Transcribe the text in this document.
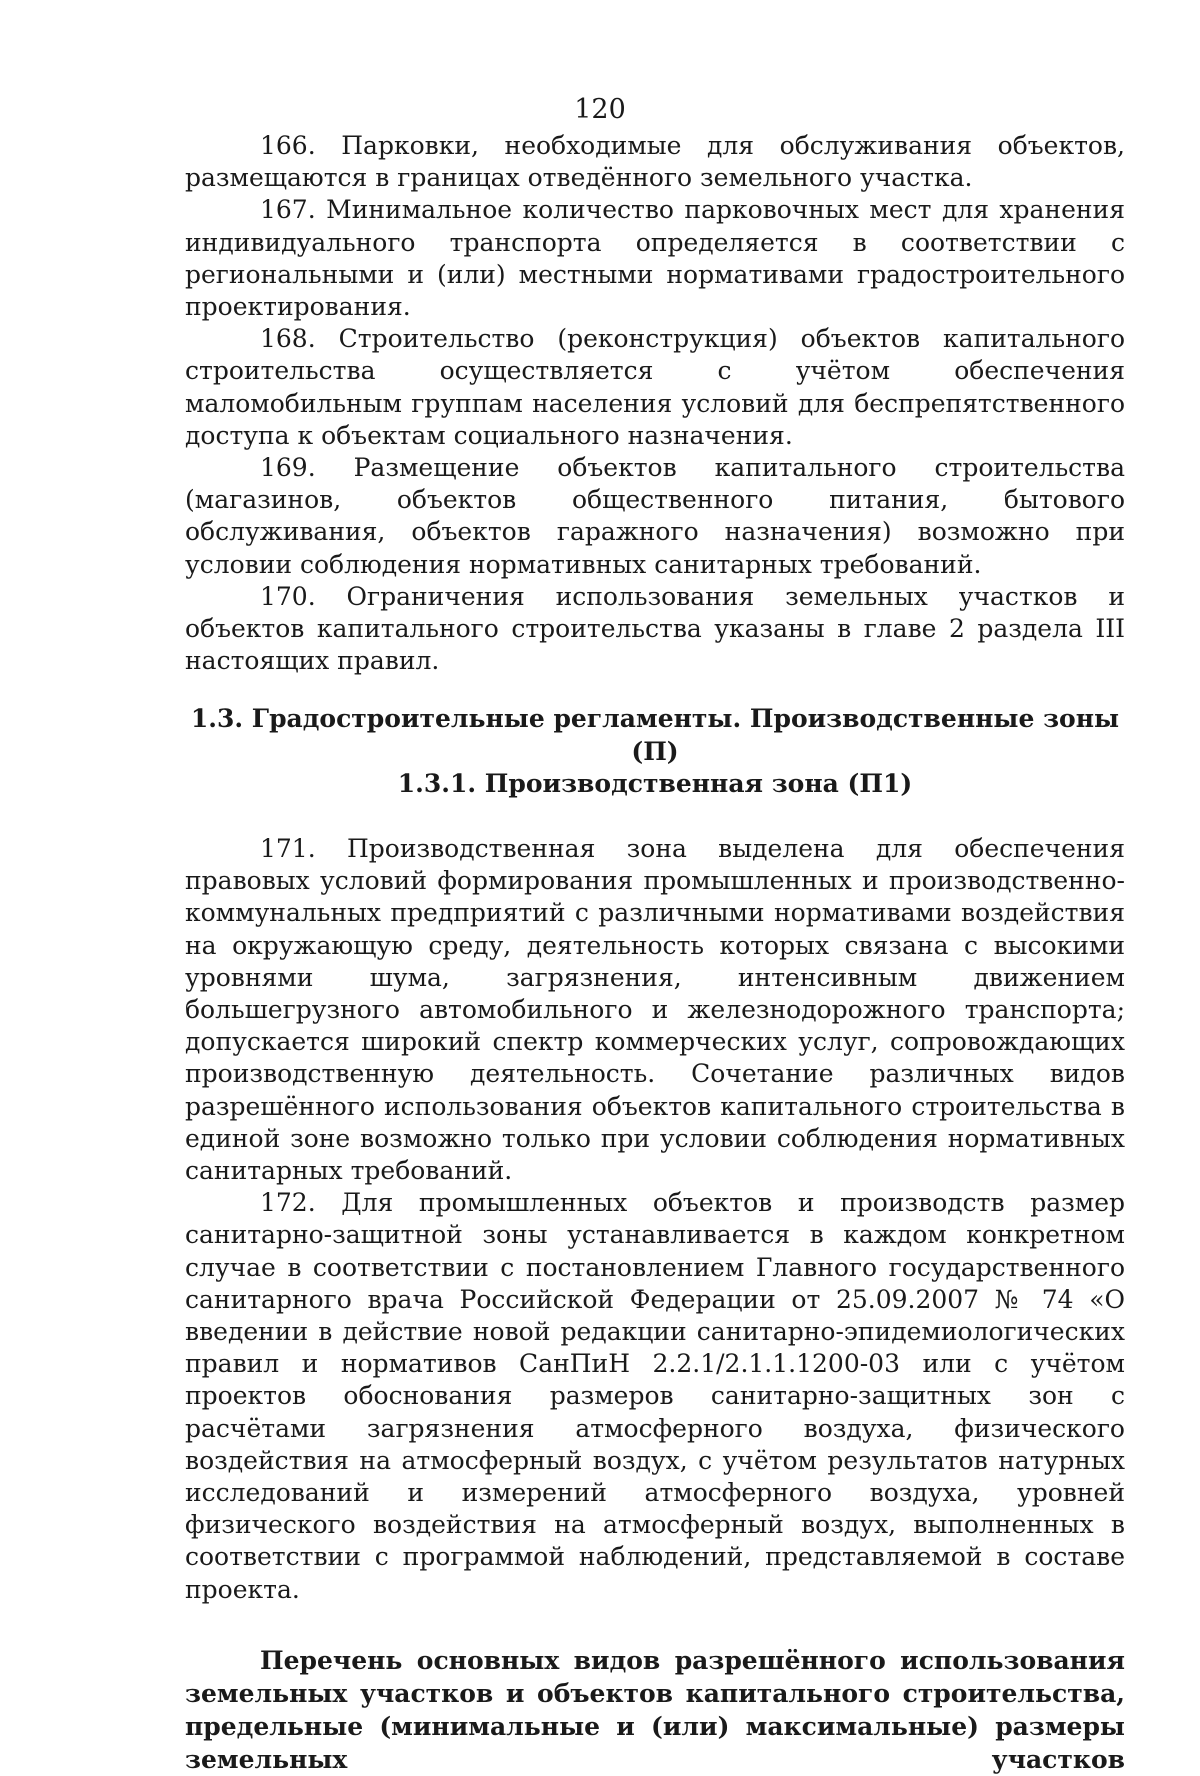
120

166. Парковки, необходимые для обслуживания объектов, размещаются в границах отведённого земельного участка.

167. Минимальное количество парковочных мест для хранения индивидуального транспорта определяется в соответствии с региональными и (или) местными нормативами градостроительного проектирования.

168. Строительство (реконструкция) объектов капитального строительства осуществляется с учётом обеспечения маломобильным группам населения условий для беспрепятственного доступа к объектам социального назначения.

169. Размещение объектов капитального строительства (магазинов, объектов общественного питания, бытового обслуживания, объектов гаражного назначения) возможно при условии соблюдения нормативных санитарных требований.

170. Ограничения использования земельных участков и объектов капитального строительства указаны в главе 2 раздела III настоящих правил.

1.3. Градостроительные регламенты. Производственные зоны (П)

1.3.1. Производственная зона (П1)

171. Производственная зона выделена для обеспечения правовых условий формирования промышленных и производственно-коммунальных предприятий с различными нормативами воздействия на окружающую среду, деятельность которых связана с высокими уровнями шума, загрязнения, интенсивным движением большегрузного автомобильного и железнодорожного транспорта; допускается широкий спектр коммерческих услуг, сопровождающих производственную деятельность. Сочетание различных видов разрешённого использования объектов капитального строительства в единой зоне возможно только при условии соблюдения нормативных санитарных требований.

172. Для промышленных объектов и производств размер санитарно-защитной зоны устанавливается в каждом конкретном случае в соответствии с постановлением Главного государственного санитарного врача Российской Федерации от 25.09.2007 № 74 «О введении в действие новой редакции санитарно-эпидемиологических правил и нормативов СанПиН 2.2.1/2.1.1.1200-03 или с учётом проектов обоснования размеров санитарно-защитных зон с расчётами загрязнения атмосферного воздуха, физического воздействия на атмосферный воздух, с учётом результатов натурных исследований и измерений атмосферного воздуха, уровней физического воздействия на атмосферный воздух, выполненных в соответствии с программой наблюдений, представляемой в составе проекта.

Перечень основных видов разрешённого использования земельных участков и объектов капитального строительства, предельные (минимальные и (или) максимальные) размеры земельных участков
